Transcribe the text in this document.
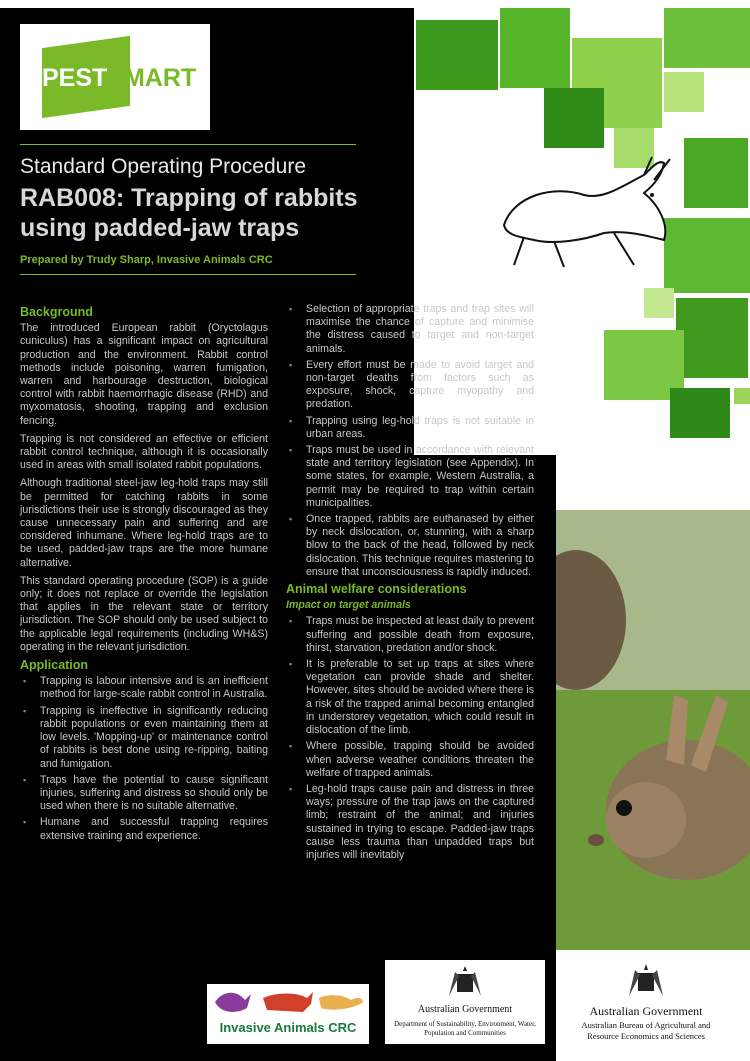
PESTSMART
Standard Operating Procedure
RAB008: Trapping of rabbits using padded-jaw traps
Prepared by Trudy Sharp, Invasive Animals CRC
Background

The introduced European rabbit (Oryctolagus cuniculus) has a significant impact on agricultural production and the environment. Rabbit control methods include poisoning, warren fumigation, warren and harbourage destruction, biological control with rabbit haemorrhagic disease (RHD) and myxomatosis, shooting, trapping and exclusion fencing.

Trapping is not considered an effective or efficient rabbit control technique, although it is occasionally used in areas with small isolated rabbit populations.

Although traditional steel-jaw leg-hold traps may still be permitted for catching rabbits in some jurisdictions their use is strongly discouraged as they cause unnecessary pain and suffering and are considered inhumane. Where leg-hold traps are to be used, padded-jaw traps are the more humane alternative.

This standard operating procedure (SOP) is a guide only; it does not replace or override the legislation that applies in the relevant state or territory jurisdiction. The SOP should only be used subject to the applicable legal requirements (including WH&S) operating in the relevant jurisdiction.

Application
▪ Trapping is labour intensive and is an inefficient method for large-scale rabbit control in Australia.
▪ Trapping is ineffective in significantly reducing rabbit populations or even maintaining them at low levels. 'Mopping-up' or maintenance control of rabbits is best done using re-ripping, baiting and fumigation.
▪ Traps have the potential to cause significant injuries, suffering and distress so should only be used when there is no suitable alternative.
▪ Humane and successful trapping requires extensive training and experience.
▪ Selection of appropriate traps and trap sites will maximise the chance of capture and minimise the distress caused to target and non-target animals.
▪ Every effort must be made to avoid target and non-target deaths from factors such as exposure, shock, capture myopathy and predation.
▪ Trapping using leg-hold traps is not suitable in urban areas.
▪ Traps must be used in accordance with relevant state and territory legislation (see Appendix). In some states, for example, Western Australia, a permit may be required to trap within certain municipalities.
▪ Once trapped, rabbits are euthanased by either by neck dislocation, or, stunning, with a sharp blow to the back of the head, followed by neck dislocation. This technique requires mastering to ensure that unconsciousness is rapidly induced.
Animal welfare considerations
Impact on target animals
▪ Traps must be inspected at least daily to prevent suffering and possible death from exposure, thirst, starvation, predation and/or shock.
▪ It is preferable to set up traps at sites where vegetation can provide shade and shelter. However, sites should be avoided where there is a risk of the trapped animal becoming entangled in understorey vegetation, which could result in dislocation of the limb.
▪ Where possible, trapping should be avoided when adverse weather conditions threaten the welfare of trapped animals.
▪ Leg-hold traps cause pain and distress in three ways; pressure of the trap jaws on the captured limb; restraint of the animal; and injuries sustained in trying to escape. Padded-jaw traps cause less trauma than unpadded traps but injuries will inevitably
Invasive Animals CRC
Australian Government
Department of Sustainability, Environment, Water, Population and Communities
Australian Government
Australian Bureau of Agricultural and Resource Economics and Sciences
